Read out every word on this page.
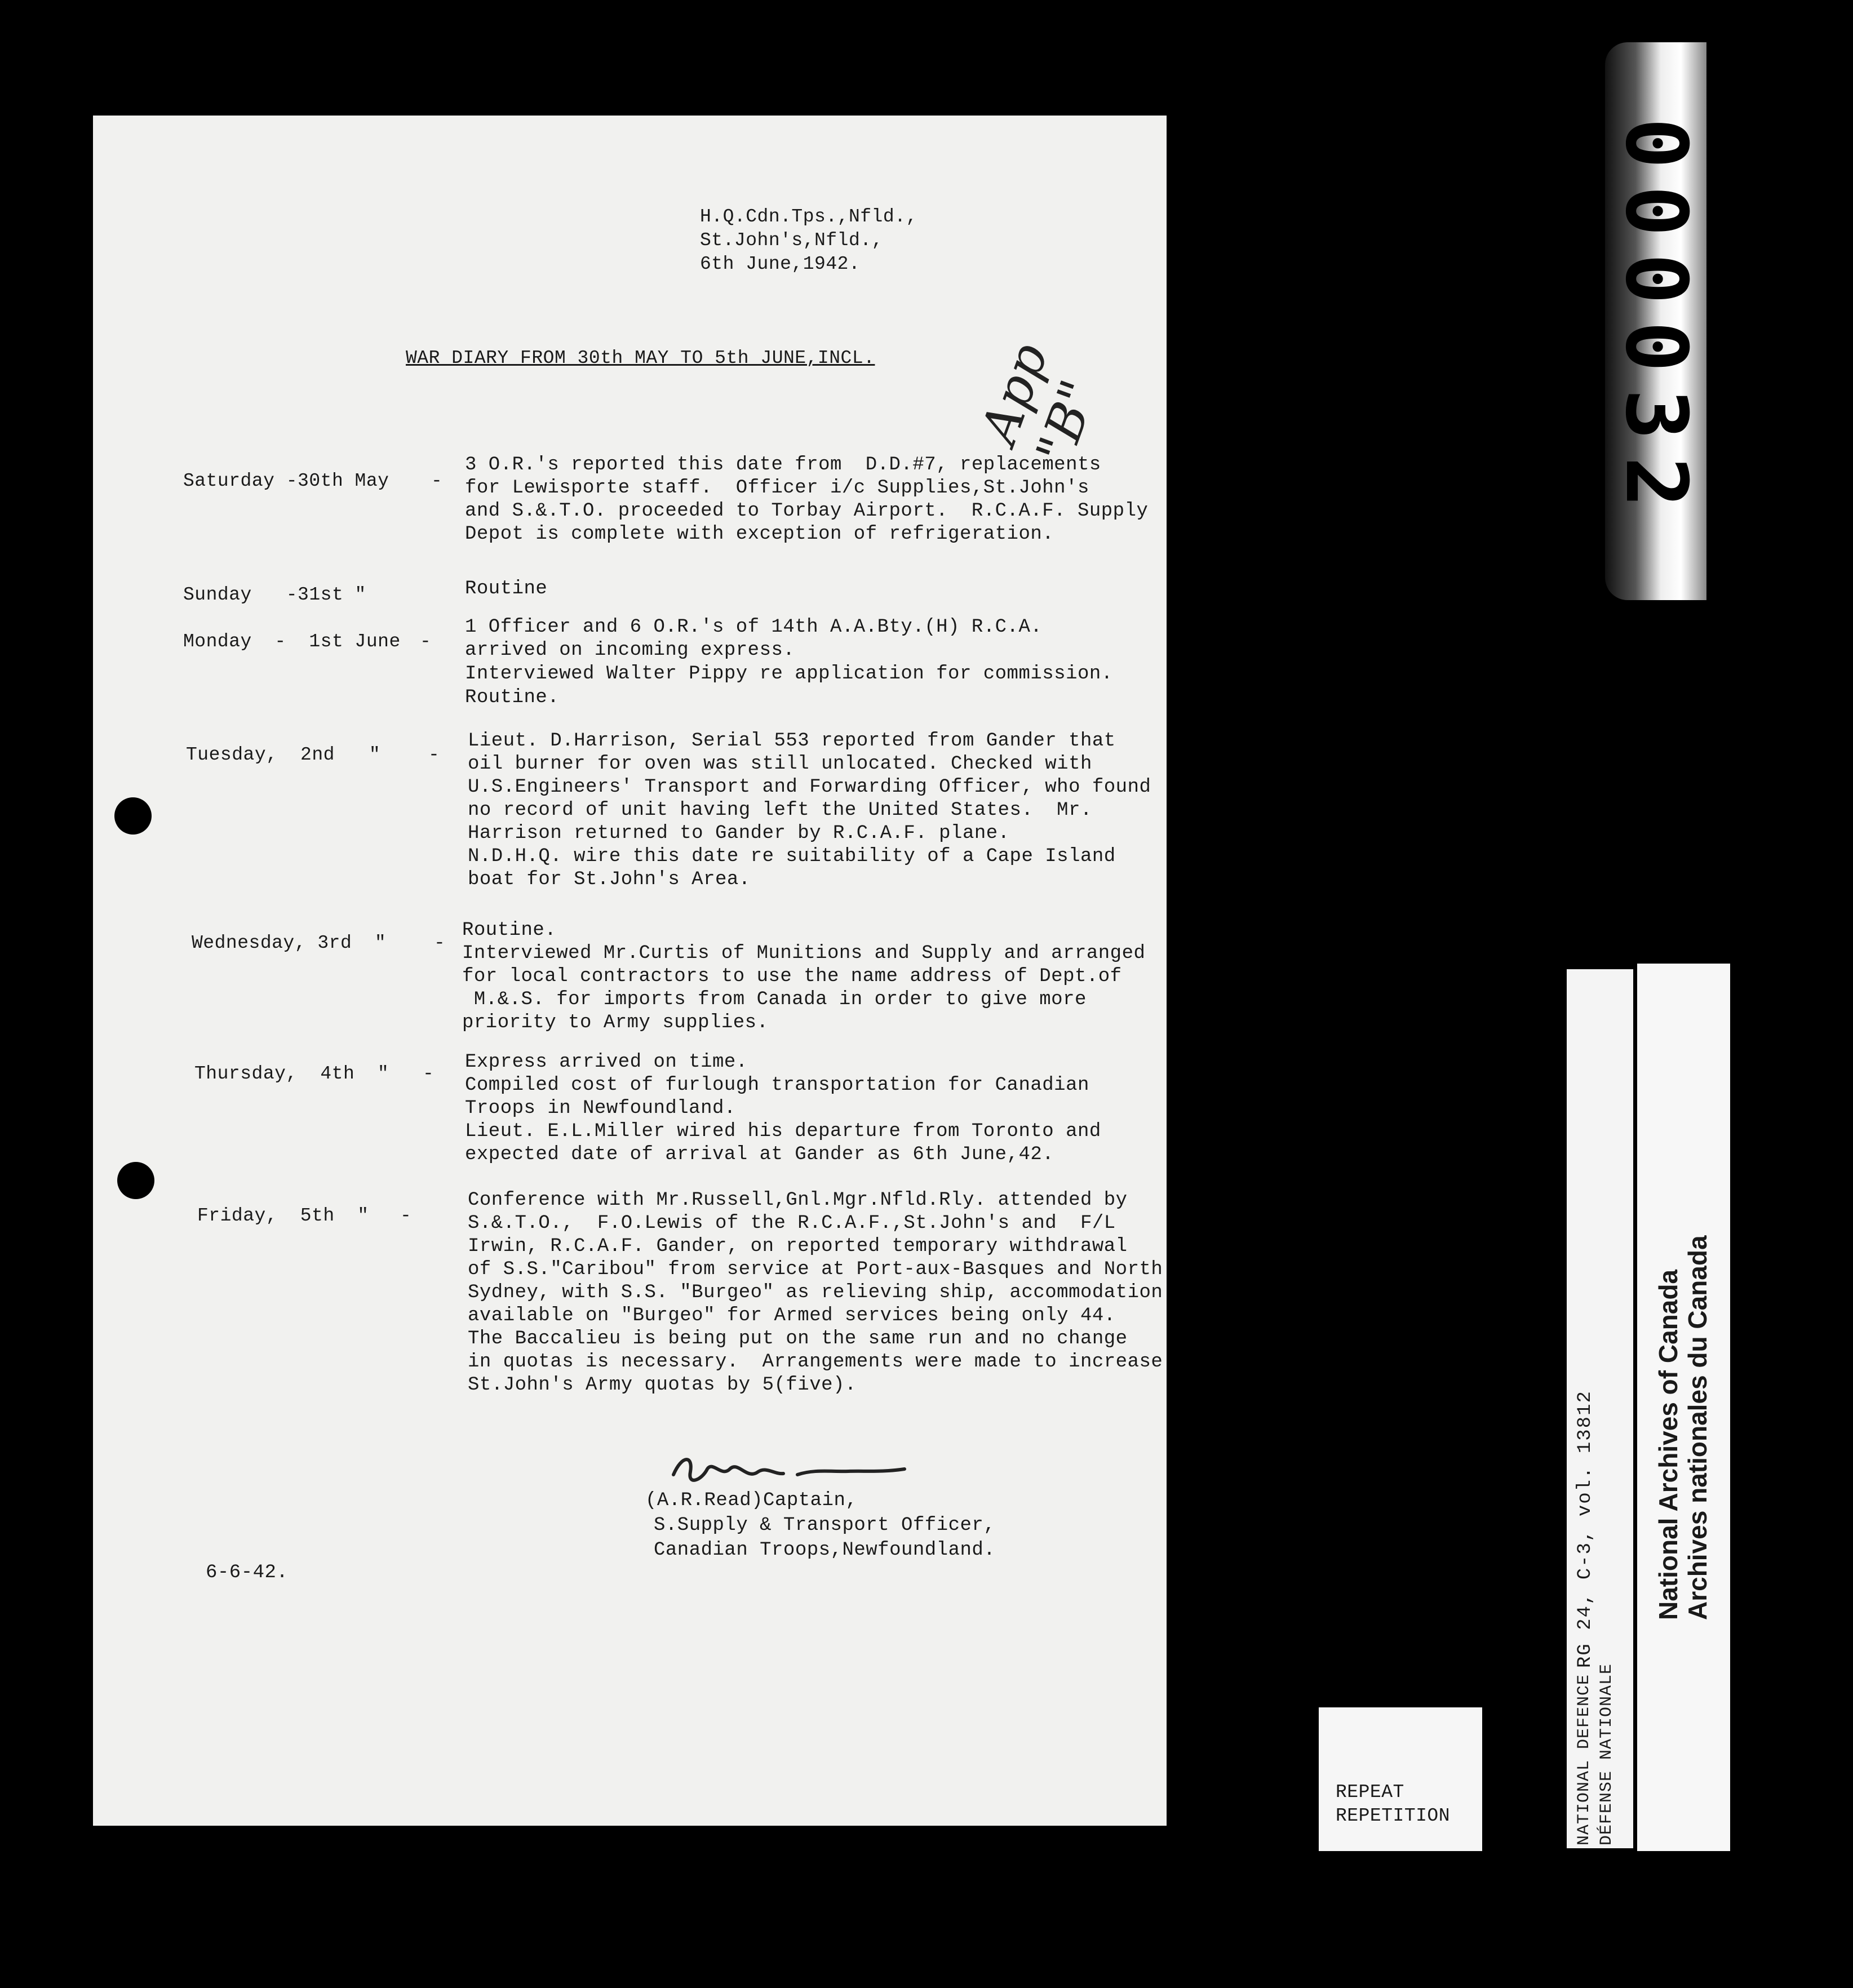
H.Q.Cdn.Tps.,Nfld.,
St.John's,Nfld.,
6th June,1942.
WAR DIARY FROM 30th MAY TO 5th JUNE,INCL. App "B"
Saturday -30th May -
3 O.R.'s reported this date from  D.D.#7, replacements
for Lewisporte staff.  Officer i/c Supplies,St.John's
and S.&.T.O. proceeded to Torbay Airport.  R.C.A.F. Supply
Depot is complete with exception of refrigeration.
Sunday   -31st "	Routine
Monday  -  1st June -
1 Officer and 6 O.R.'s of 14th A.A.Bty.(H) R.C.A.
arrived on incoming express.
Interviewed Walter Pippy re application for commission.
Routine.
Tuesday,  2nd   "	-
Lieut. D.Harrison, Serial 553 reported from Gander that
oil burner for oven was still unlocated. Checked with
U.S.Engineers' Transport and Forwarding Officer, who found
no record of unit having left the United States.  Mr.
Harrison returned to Gander by R.C.A.F. plane.
N.D.H.Q. wire this date re suitability of a Cape Island
boat for St.John's Area.
Wednesday, 3rd  "	-
Routine.
Interviewed Mr.Curtis of Munitions and Supply and arranged
for local contractors to use the name address of Dept.of
M.&.S. for imports from Canada in order to give more
priority to Army supplies.
Thursday,  4th  " -
Express arrived on time.
Compiled cost of furlough transportation for Canadian
Troops in Newfoundland.
Lieut. E.L.Miller wired his departure from Toronto and
expected date of arrival at Gander as 6th June,42.
Friday,  5th  " -
Conference with Mr.Russell,Gnl.Mgr.Nfld.Rly. attended by
S.&.T.O.,  F.O.Lewis of the R.C.A.F.,St.John's and  F/L
Irwin, R.C.A.F. Gander, on reported temporary withdrawal
of S.S."Caribou" from service at Port-aux-Basques and North
Sydney, with S.S. "Burgeo" as relieving ship, accommodation
available on "Burgeo" for Armed services being only 44.
The Baccalieu is being put on the same run and no change
in quotas is necessary.  Arrangements were made to increase
St.John's Army quotas by 5(five).
(A.R.Read)Captain,
S.Supply & Transport Officer,
Canadian Troops,Newfoundland.
6-6-42.
000032
RG 24, C-3, vol. 13812
NATIONAL DEFENCE DÉFENSE NATIONALE
National Archives of Canada Archives nationales du Canada
REPEAT
REPETITION
